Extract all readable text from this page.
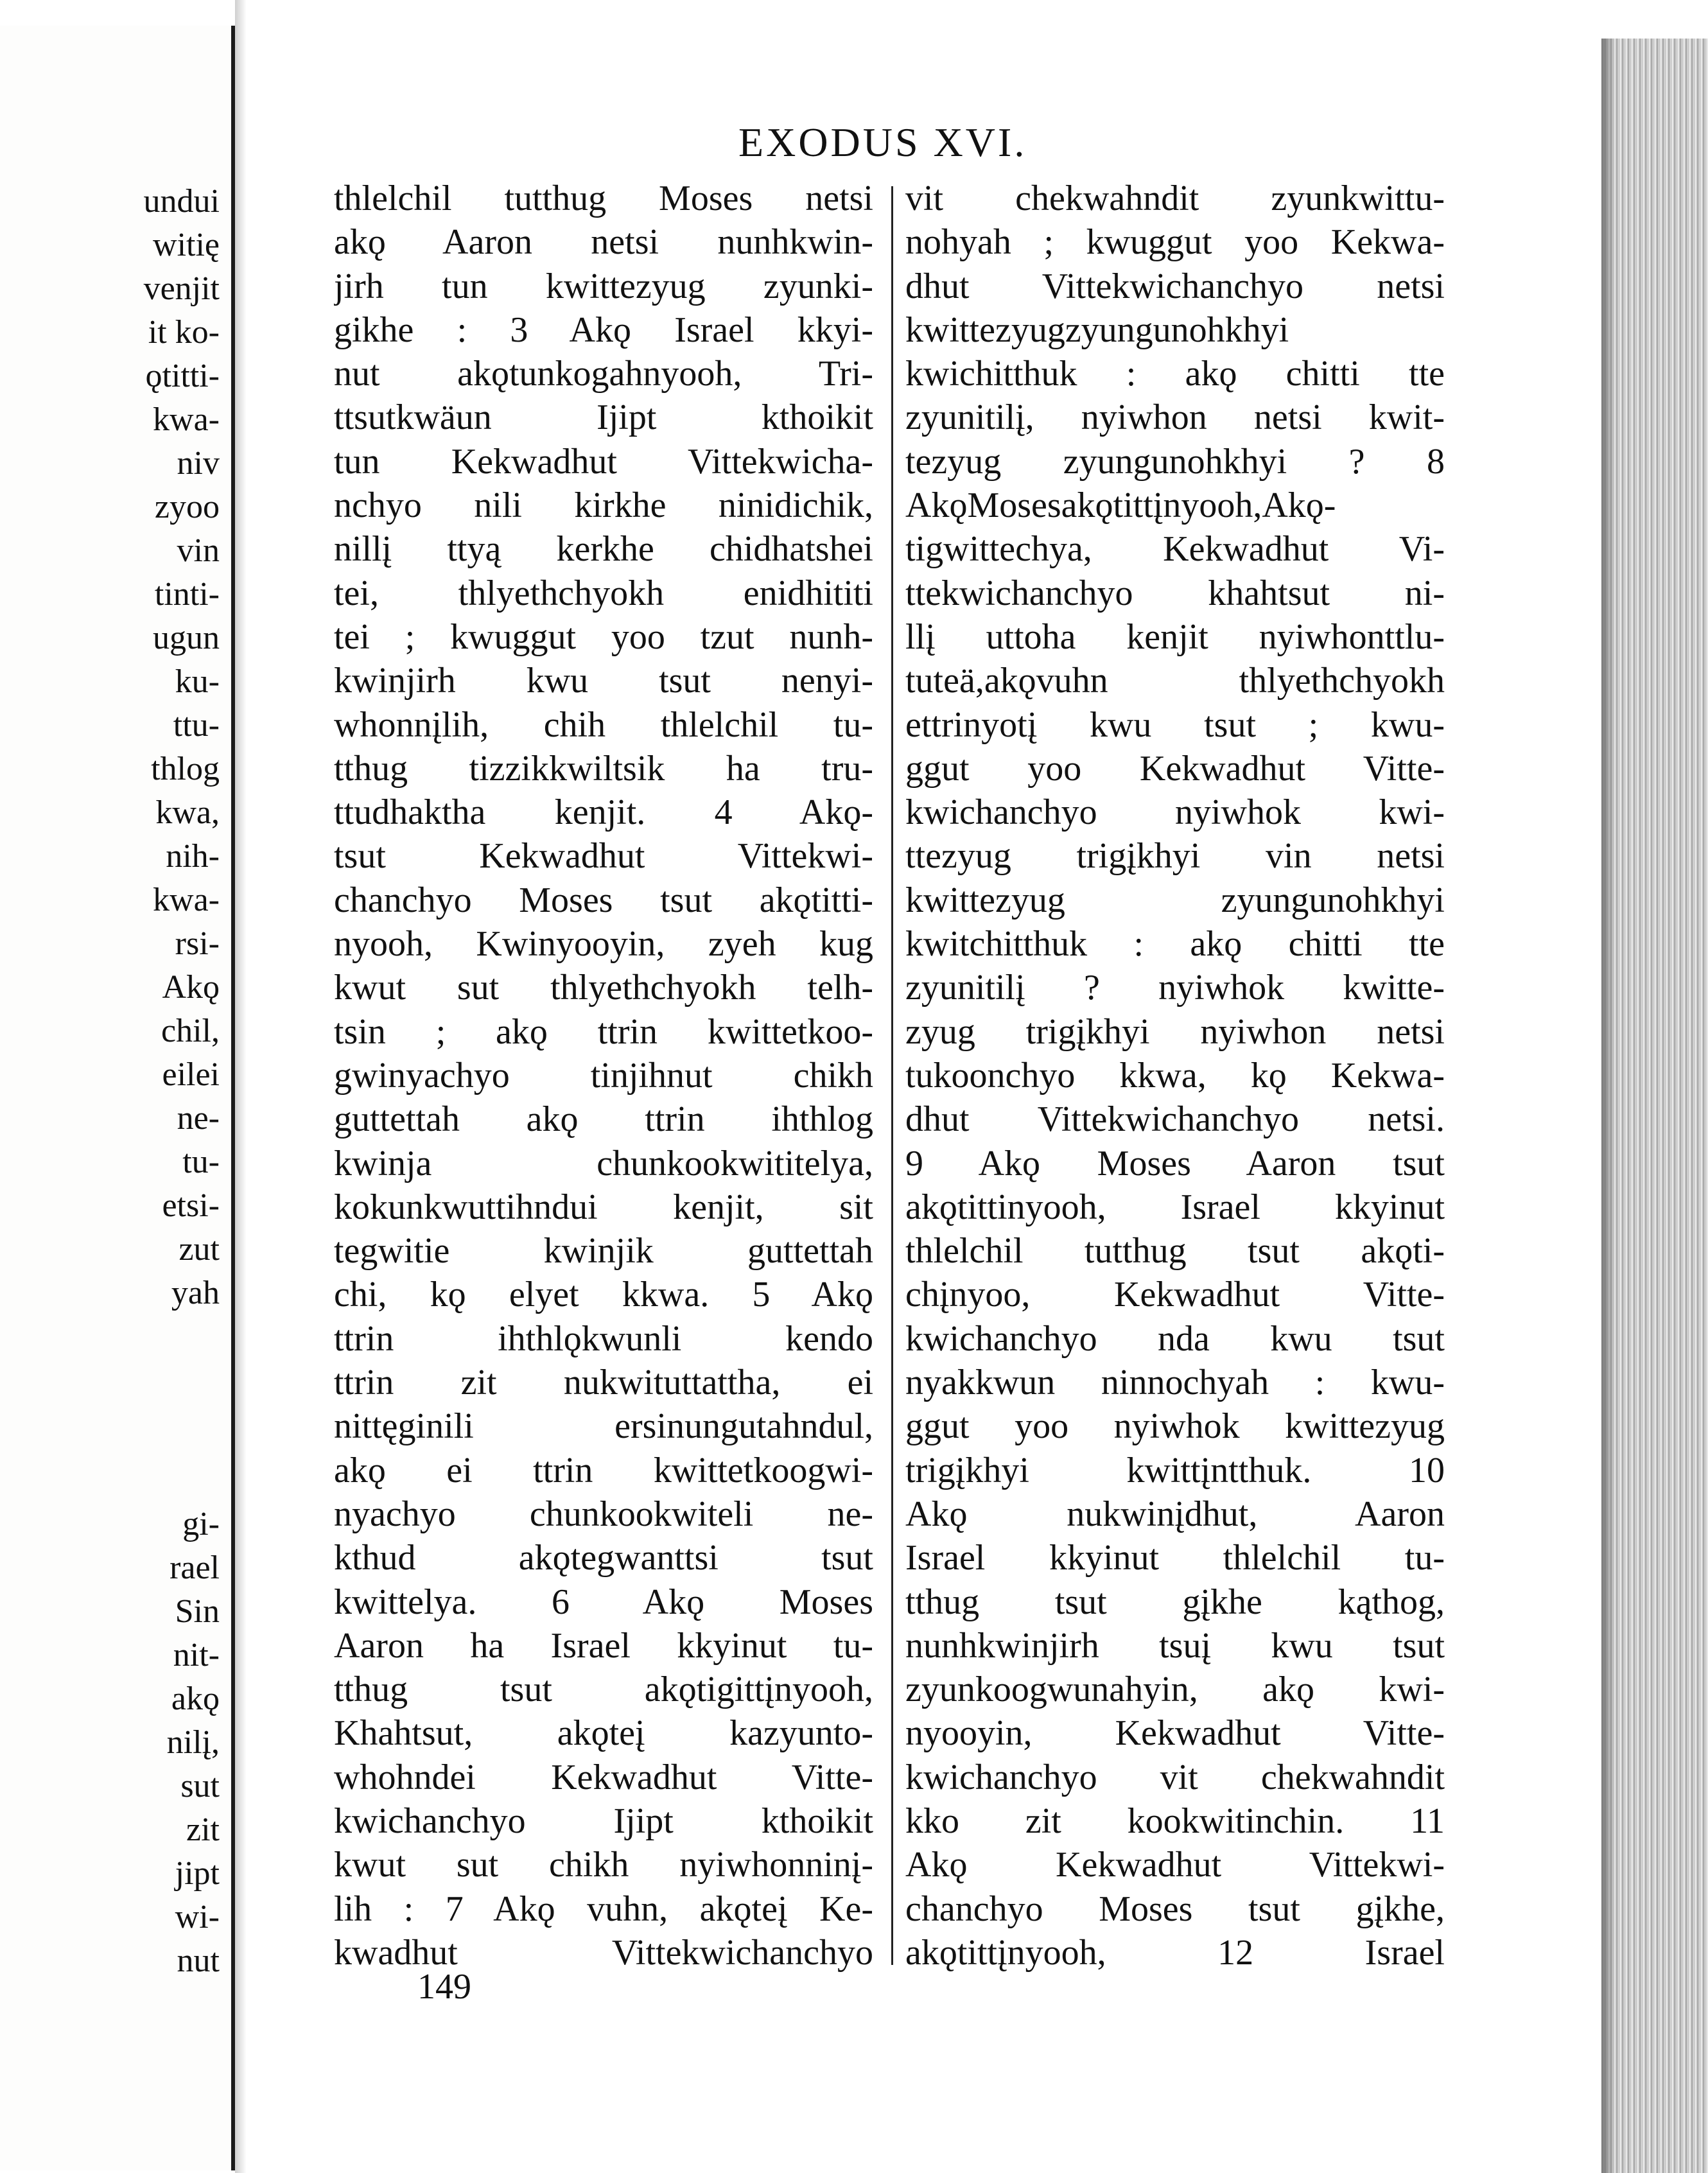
undui
witię
venjit
it ko-
ǫtitti-
kwa-
niv
zyoo
vin
tinti-
ugun
ku-
ttu-
thlog
kwa,
nih-
kwa-
rsi-
Akǫ
chil,
eilei
ne-
tu-
etsi-
zut
yah
gi-
rael
Sin
nit-
akǫ
nilį,
sut
zit
jipt
wi-
nut
EXODUS XVI.
thlelchil tutthug Moses netsi
akǫ Aaron netsi nunhkwin-
jirh tun kwittezyug zyunki-
gikhe : 3 Akǫ Israel kkyi-
nut akǫtunkogahnyooh, Tri-
ttsutkwäun Ijipt kthoikit
tun Kekwadhut Vittekwicha-
nchyo nili kirkhe ninidichik,
nillį ttyą kerkhe chidhatshei
tei, thlyethchyokh enidhititi
tei ; kwuggut yoo tzut nunh-
kwinjirh kwu tsut nenyi-
whonnįlih, chih thlelchil tu-
tthug tizzikkwiltsik ha tru-
ttudhaktha kenjit. 4 Akǫ-
tsut Kekwadhut Vittekwi-
chanchyo Moses tsut akǫtitti-
nyooh, Kwinyooyin, zyeh kug
kwut sut thlyethchyokh telh-
tsin ; akǫ ttrin kwittetkoo-
gwinyachyo tinjihnut chikh
guttettah akǫ ttrin ihthlog
kwinja chunkookwititelya,
kokunkwuttihndui kenjit, sit
tegwitie kwinjik guttettah
chi, kǫ elyet kkwa. 5 Akǫ
ttrin ihthlǫkwunli kendo
ttrin zit nukwituttattha, ei
nittęginili ersinungutahndul,
akǫ ei ttrin kwittetkoogwi-
nyachyo chunkookwiteli ne-
kthud akǫtegwanttsi tsut
kwittelya. 6 Akǫ Moses
Aaron ha Israel kkyinut tu-
tthug tsut akǫtigittįnyooh,
Khahtsut, akǫteį kazyunto-
whohndei Kekwadhut Vitte-
kwichanchyo Ijipt kthoikit
kwut sut chikh nyiwhonninį-
lih : 7 Akǫ vuhn, akǫteį Ke-
kwadhut Vittekwichanchyo
vit chekwahndit zyunkwittu-
nohyah ; kwuggut yoo Kekwa-
dhut Vittekwichanchyo netsi
kwittezyugzyungunohkhyi
kwichitthuk : akǫ chitti tte
zyunitilį, nyiwhon netsi kwit-
tezyug zyungunohkhyi ? 8
AkǫMosesakǫtittįnyooh,Akǫ-
tigwittechya, Kekwadhut Vi-
ttekwichanchyo khahtsut ni-
llį uttoha kenjit nyiwhonttlu-
tuteä,akǫvuhn thlyethchyokh
ettrinyotį kwu tsut ; kwu-
ggut yoo Kekwadhut Vitte-
kwichanchyo nyiwhok kwi-
ttezyug trigįkhyi vin netsi
kwittezyug zyungunohkhyi
kwitchitthuk : akǫ chitti tte
zyunitilį ? nyiwhok kwitte-
zyug trigįkhyi nyiwhon netsi
tukoonchyo kkwa, kǫ Kekwa-
dhut Vittekwichanchyo netsi.
9 Akǫ Moses Aaron tsut
akǫtittinyooh, Israel kkyinut
thlelchil tutthug tsut akǫti-
chįnyoo, Kekwadhut Vitte-
kwichanchyo nda kwu tsut
nyakkwun ninnochyah : kwu-
ggut yoo nyiwhok kwittezyug
trigįkhyi kwittįntthuk. 10
Akǫ nukwinįdhut, Aaron
Israel kkyinut thlelchil tu-
tthug tsut gįkhe kąthog,
nunhkwinjirh tsuį kwu tsut
zyunkoogwunahyin, akǫ kwi-
nyooyin, Kekwadhut Vitte-
kwichanchyo vit chekwahndit
kko zit kookwitinchin. 11
Akǫ Kekwadhut Vittekwi-
chanchyo Moses tsut gįkhe,
akǫtittįnyooh, 12 Israel
149
